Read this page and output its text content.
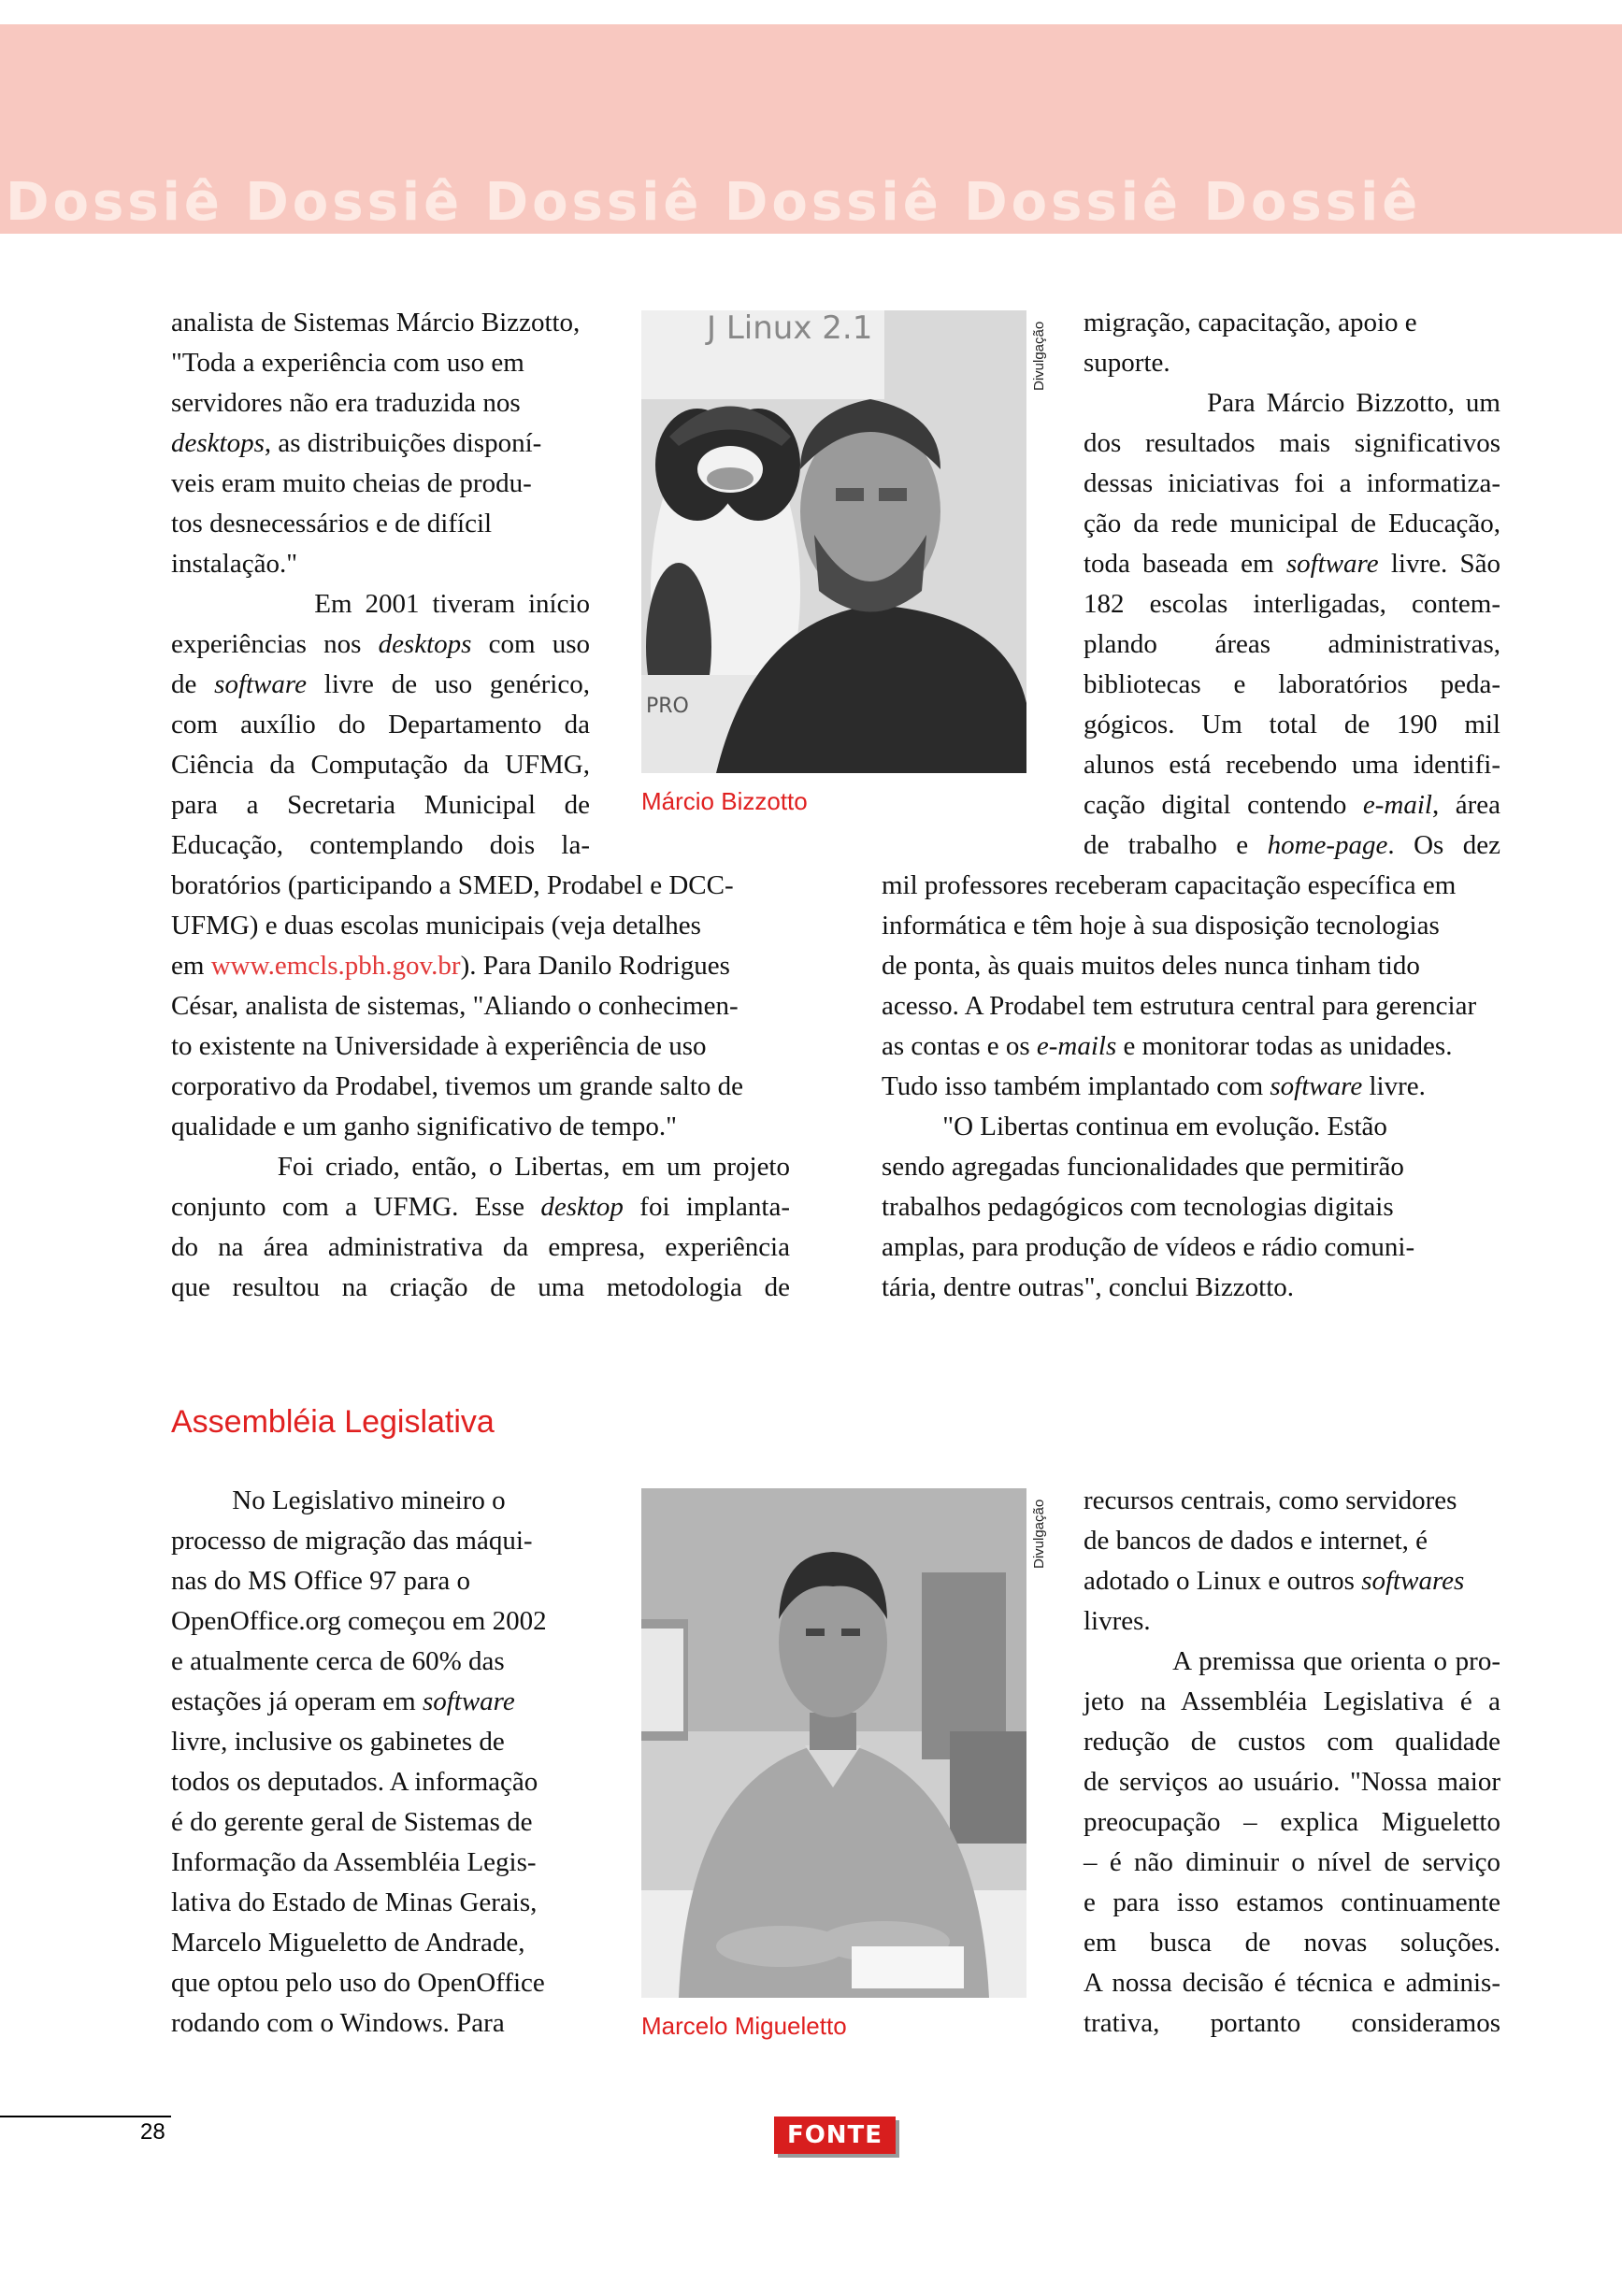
Dossiê Dossiê Dossiê Dossiê Dossiê Dossiê

analista de Sistemas Márcio Bizzotto,
"Toda a experiência com uso em
servidores não era traduzida nos
desktops, as distribuições disponí-
veis eram muito cheias de produ-
tos desnecessários e de difícil
instalação."

Em 2001 tiveram início
experiências nos desktops com uso
de software livre de uso genérico,
com auxílio do Departamento da
Ciência da Computação da UFMG,
para a Secretaria Municipal de
Educação, contemplando dois la-

boratórios (participando a SMED, Prodabel e DCC-
UFMG) e duas escolas municipais (veja detalhes
em www.emcls.pbh.gov.br). Para Danilo Rodrigues
César, analista de sistemas, "Aliando o conhecimen-
to existente na Universidade à experiência de uso
corporativo da Prodabel, tivemos um grande salto de
qualidade e um ganho significativo de tempo."

Foi criado, então, o Libertas, em um projeto
conjunto com a UFMG. Esse desktop foi implanta-
do na área administrativa da empresa, experiência
que resultou na criação de uma metodologia de

J Linux 2.1
PRO
Divulgação
Márcio Bizzotto

migração, capacitação, apoio e
suporte.

Para Márcio Bizzotto, um
dos resultados mais significativos
dessas iniciativas foi a informatiza-
ção da rede municipal de Educação,
toda baseada em software livre. São
182 escolas interligadas, contem-
plando áreas administrativas,
bibliotecas e laboratórios peda-
gógicos. Um total de 190 mil
alunos está recebendo uma identifi-
cação digital contendo e-mail, área
de trabalho e home-page. Os dez

mil professores receberam capacitação específica em
informática e têm hoje à sua disposição tecnologias
de ponta, às quais muitos deles nunca tinham tido
acesso. A Prodabel tem estrutura central para gerenciar
as contas e os e-mails e monitorar todas as unidades.
Tudo isso também implantado com software livre.

"O Libertas continua em evolução. Estão
sendo agregadas funcionalidades que permitirão
trabalhos pedagógicos com tecnologias digitais
amplas, para produção de vídeos e rádio comuni-
tária, dentre outras", conclui Bizzotto.

Assembléia Legislativa

No Legislativo mineiro o
processo de migração das máqui-
nas do MS Office 97 para o
OpenOffice.org começou em 2002
e atualmente cerca de 60% das
estações já operam em software
livre, inclusive os gabinetes de
todos os deputados. A informação
é do gerente geral de Sistemas de
Informação da Assembléia Legis-
lativa do Estado de Minas Gerais,
Marcelo Migueletto de Andrade,
que optou pelo uso do OpenOffice
rodando com o Windows. Para

Divulgação
Marcelo Migueletto

recursos centrais, como servidores
de bancos de dados e internet, é
adotado o Linux e outros softwares
livres.

A premissa que orienta o pro-
jeto na Assembléia Legislativa é a
redução de custos com qualidade
de serviços ao usuário. "Nossa maior
preocupação – explica Migueletto
– é não diminuir o nível de serviço
e para isso estamos continuamente
em busca de novas soluções.
A nossa decisão é técnica e adminis-
trativa, portanto consideramos

28	FONTE
